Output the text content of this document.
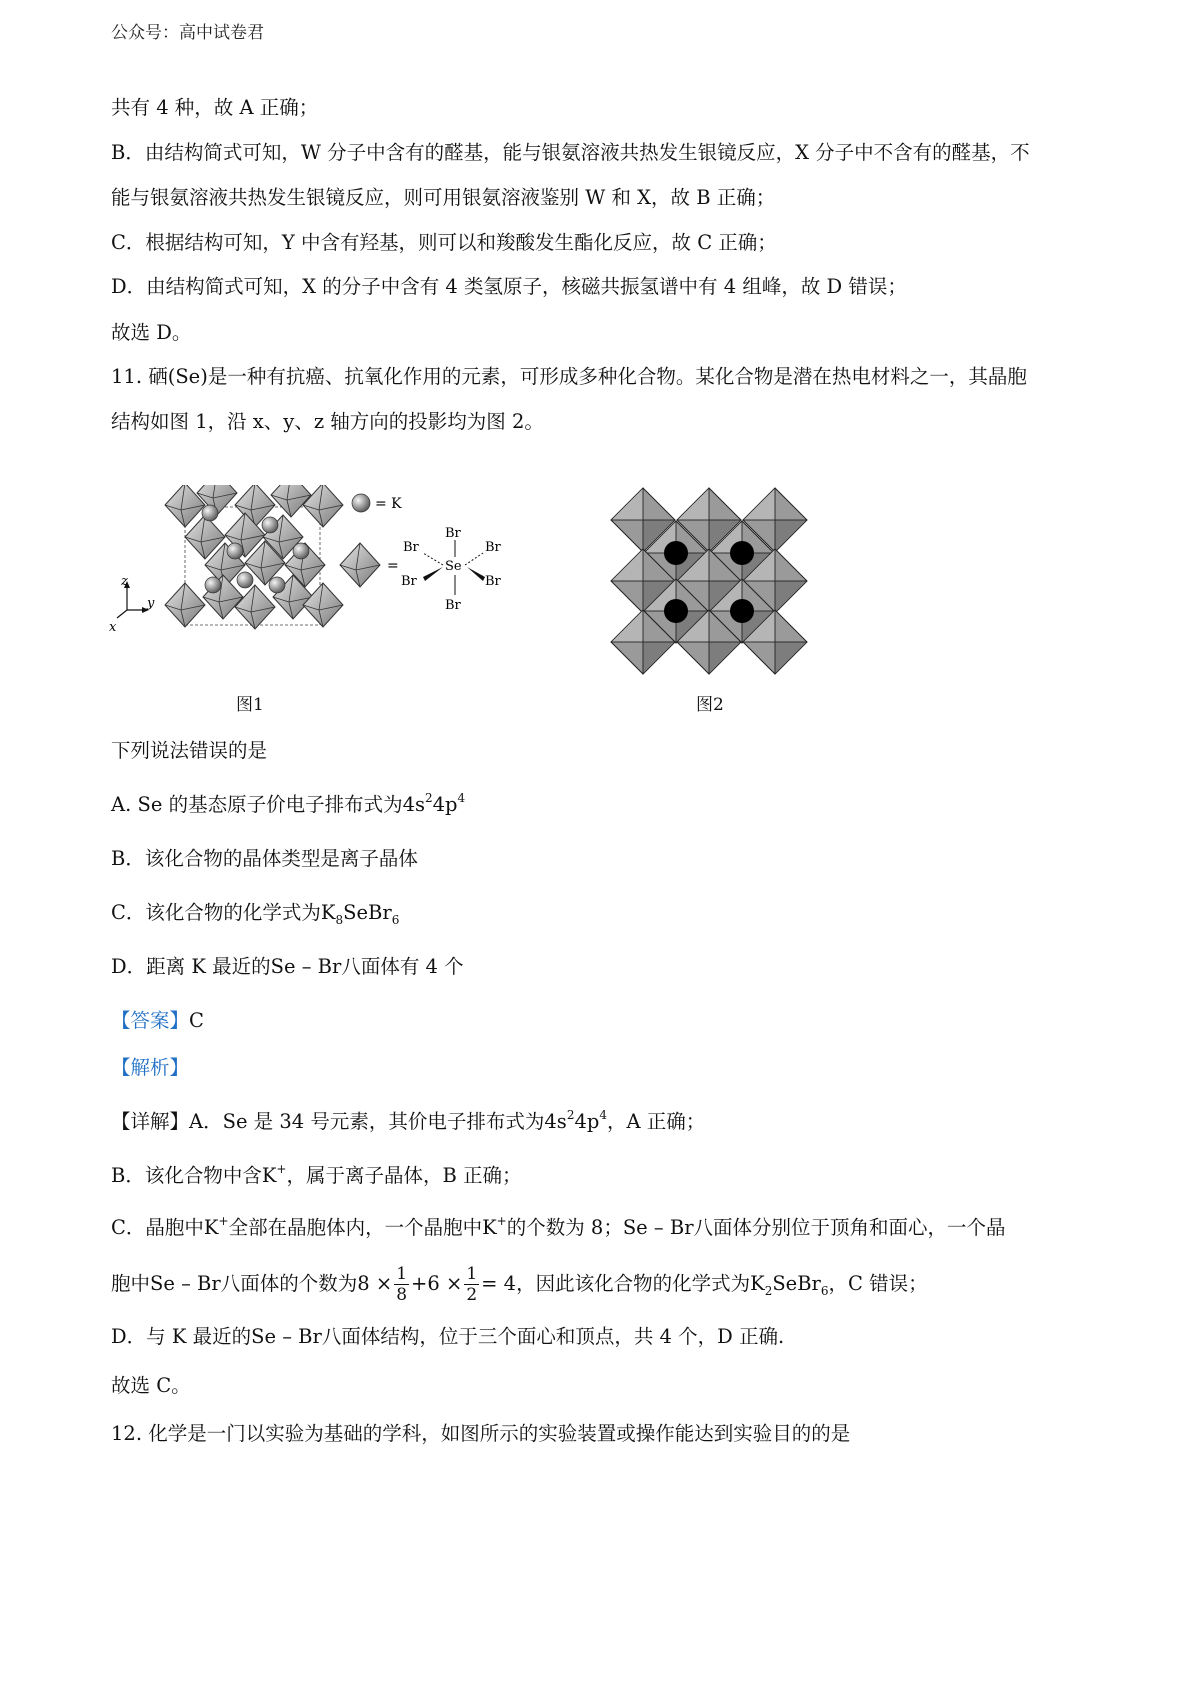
公众号：高中试卷君
共有 4 种，故 A 正确；
B．由结构简式可知，W 分子中含有的醛基，能与银氨溶液共热发生银镜反应，X 分子中不含有的醛基，不
能与银氨溶液共热发生银镜反应，则可用银氨溶液鉴别 W 和 X，故 B 正确；
C．根据结构可知，Y 中含有羟基，则可以和羧酸发生酯化反应，故 C 正确；
D．由结构简式可知，X 的分子中含有 4 类氢原子，核磁共振氢谱中有 4 组峰，故 D 错误；
故选 D。
11. 硒(Se)是一种有抗癌、抗氧化作用的元素，可形成多种化合物。某化合物是潜在热电材料之一，其晶胞
结构如图 1，沿 x、y、z 轴方向的投影均为图 2。
z
y
x
= K
=	Se
Br
Br
Br	Br
Br	Br
图1	图2
下列说法错误的是
A. Se 的基态原子价电子排布式为$4s^24p^4$
B．该化合物的晶体类型是离子晶体
C．该化合物的化学式为$K_8SeBr_6$
D．距离 K 最近的Se – Br八面体有 4 个
【答案】C
【解析】
【详解】A．Se 是 34 号元素，其价电子排布式为$4s^24p^4$，A 正确；
B．该化合物中含K+，属于离子晶体，B 正确；
C．晶胞中K+全部在晶胞体内，一个晶胞中K+的个数为 8；Se – Br八面体分别位于顶角和面心，一个晶
胞中Se – Br八面体的个数为$8 \times \frac{1}{8} +6 \times \frac{1}{2} = 4$，因此该化合物的化学式为$K_2SeBr_6$，C 错误；
D．与 K 最近的Se – Br八面体结构，位于三个面心和顶点，共 4 个，D 正确.
故选 C。
12. 化学是一门以实验为基础的学科，如图所示的实验装置或操作能达到实验目的的是
